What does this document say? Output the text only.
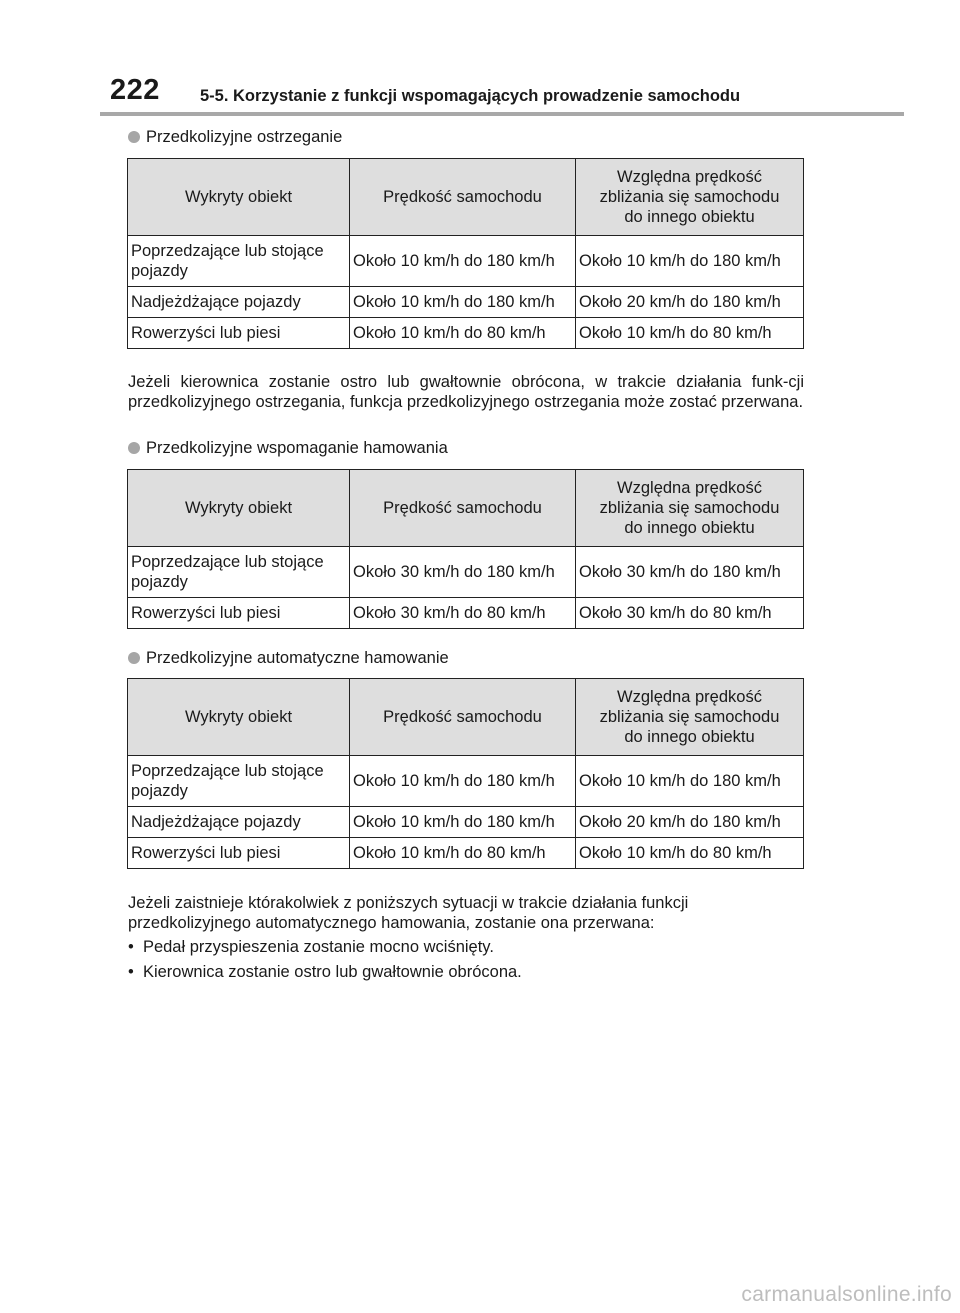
222 5-5. Korzystanie z funkcji wspomagających prowadzenie samochodu
Przedkolizyjne ostrzeganie
Wykryty obiekt	Prędkość samochodu	Względna prędkość
zbliżania się samochodu
do innego obiektu
Poprzedzające lub stojące pojazdy	Około 10 km/h do 180 km/h	Około 10 km/h do 180 km/h
Nadjeżdżające pojazdy	Około 10 km/h do 180 km/h	Około 20 km/h do 180 km/h
Rowerzyści lub piesi	Około 10 km/h do 80 km/h	Około 10 km/h do 80 km/h
Jeżeli kierownica zostanie ostro lub gwałtownie obrócona, w trakcie działania funk-cji przedkolizyjnego ostrzegania, funkcja przedkolizyjnego ostrzegania może zostać przerwana.
Przedkolizyjne wspomaganie hamowania
Wykryty obiekt	Prędkość samochodu	Względna prędkość
zbliżania się samochodu
do innego obiektu
Poprzedzające lub stojące pojazdy	Około 30 km/h do 180 km/h	Około 30 km/h do 180 km/h
Rowerzyści lub piesi	Około 30 km/h do 80 km/h	Około 30 km/h do 80 km/h
Przedkolizyjne automatyczne hamowanie
Wykryty obiekt	Prędkość samochodu	Względna prędkość
zbliżania się samochodu
do innego obiektu
Poprzedzające lub stojące pojazdy	Około 10 km/h do 180 km/h	Około 10 km/h do 180 km/h
Nadjeżdżające pojazdy	Około 10 km/h do 180 km/h	Około 20 km/h do 180 km/h
Rowerzyści lub piesi	Około 10 km/h do 80 km/h	Około 10 km/h do 80 km/h
Jeżeli zaistnieje którakolwiek z poniższych sytuacji w trakcie działania funkcji przedkolizyjnego automatycznego hamowania, zostanie ona przerwana:
•  Pedał przyspieszenia zostanie mocno wciśnięty.
•  Kierownica zostanie ostro lub gwałtownie obrócona.
carmanualsonline.info
